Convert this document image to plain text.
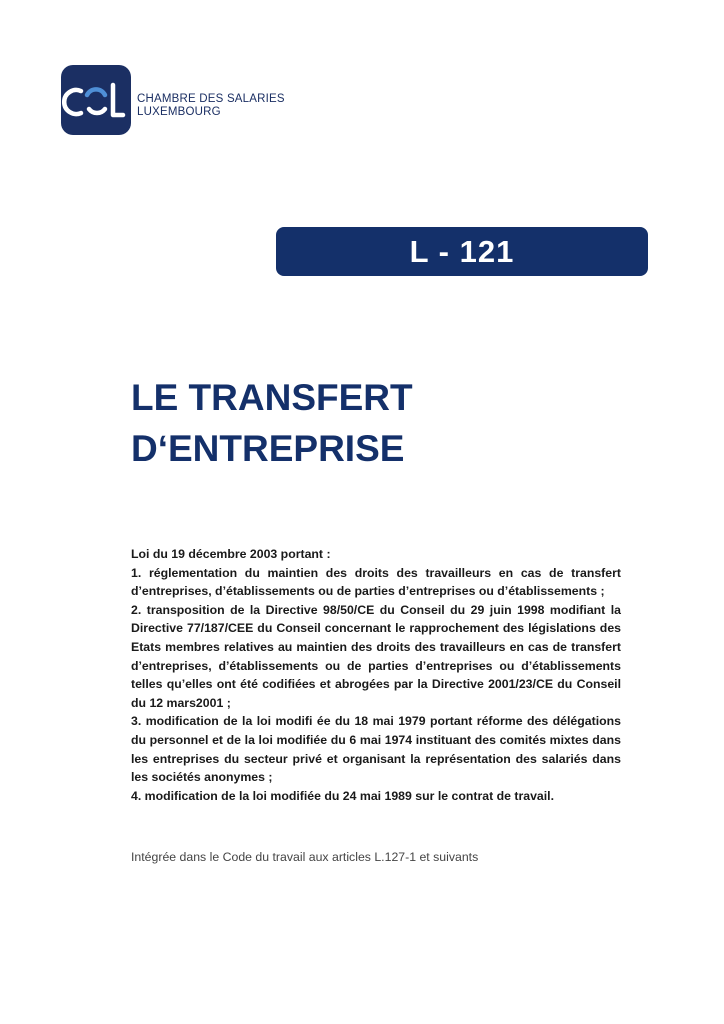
CHAMBRE DES SALARIES
LUXEMBOURG
L - 121
LE TRANSFERT
D‘ENTREPRISE

Loi du 19 décembre 2003 portant :

1. réglementation du maintien des droits des travailleurs en cas de transfert d’entreprises, d’établissements ou de parties d’entreprises ou d’établissements ;

2. transposition de la Directive 98/50/CE du Conseil du 29 juin 1998 modifiant la Directive 77/187/CEE du Conseil concernant le rapprochement des législations des Etats membres relatives au maintien des droits des travailleurs en cas de transfert d’entreprises, d’établissements ou de parties d’entreprises ou d’établissements telles qu’elles ont été codifiées et abrogées par la Directive 2001/23/CE du Conseil du 12 mars2001 ;

3. modification de la loi modifi ée du 18 mai 1979 portant réforme des délégations du personnel et de la loi modifiée du 6 mai 1974 instituant des comités mixtes dans les entreprises du secteur privé et organisant la représentation des salariés dans les sociétés anonymes ;

4. modification de la loi modifiée du 24 mai 1989 sur le contrat de travail.

Intégrée dans le Code du travail aux articles L.127-1 et suivants
